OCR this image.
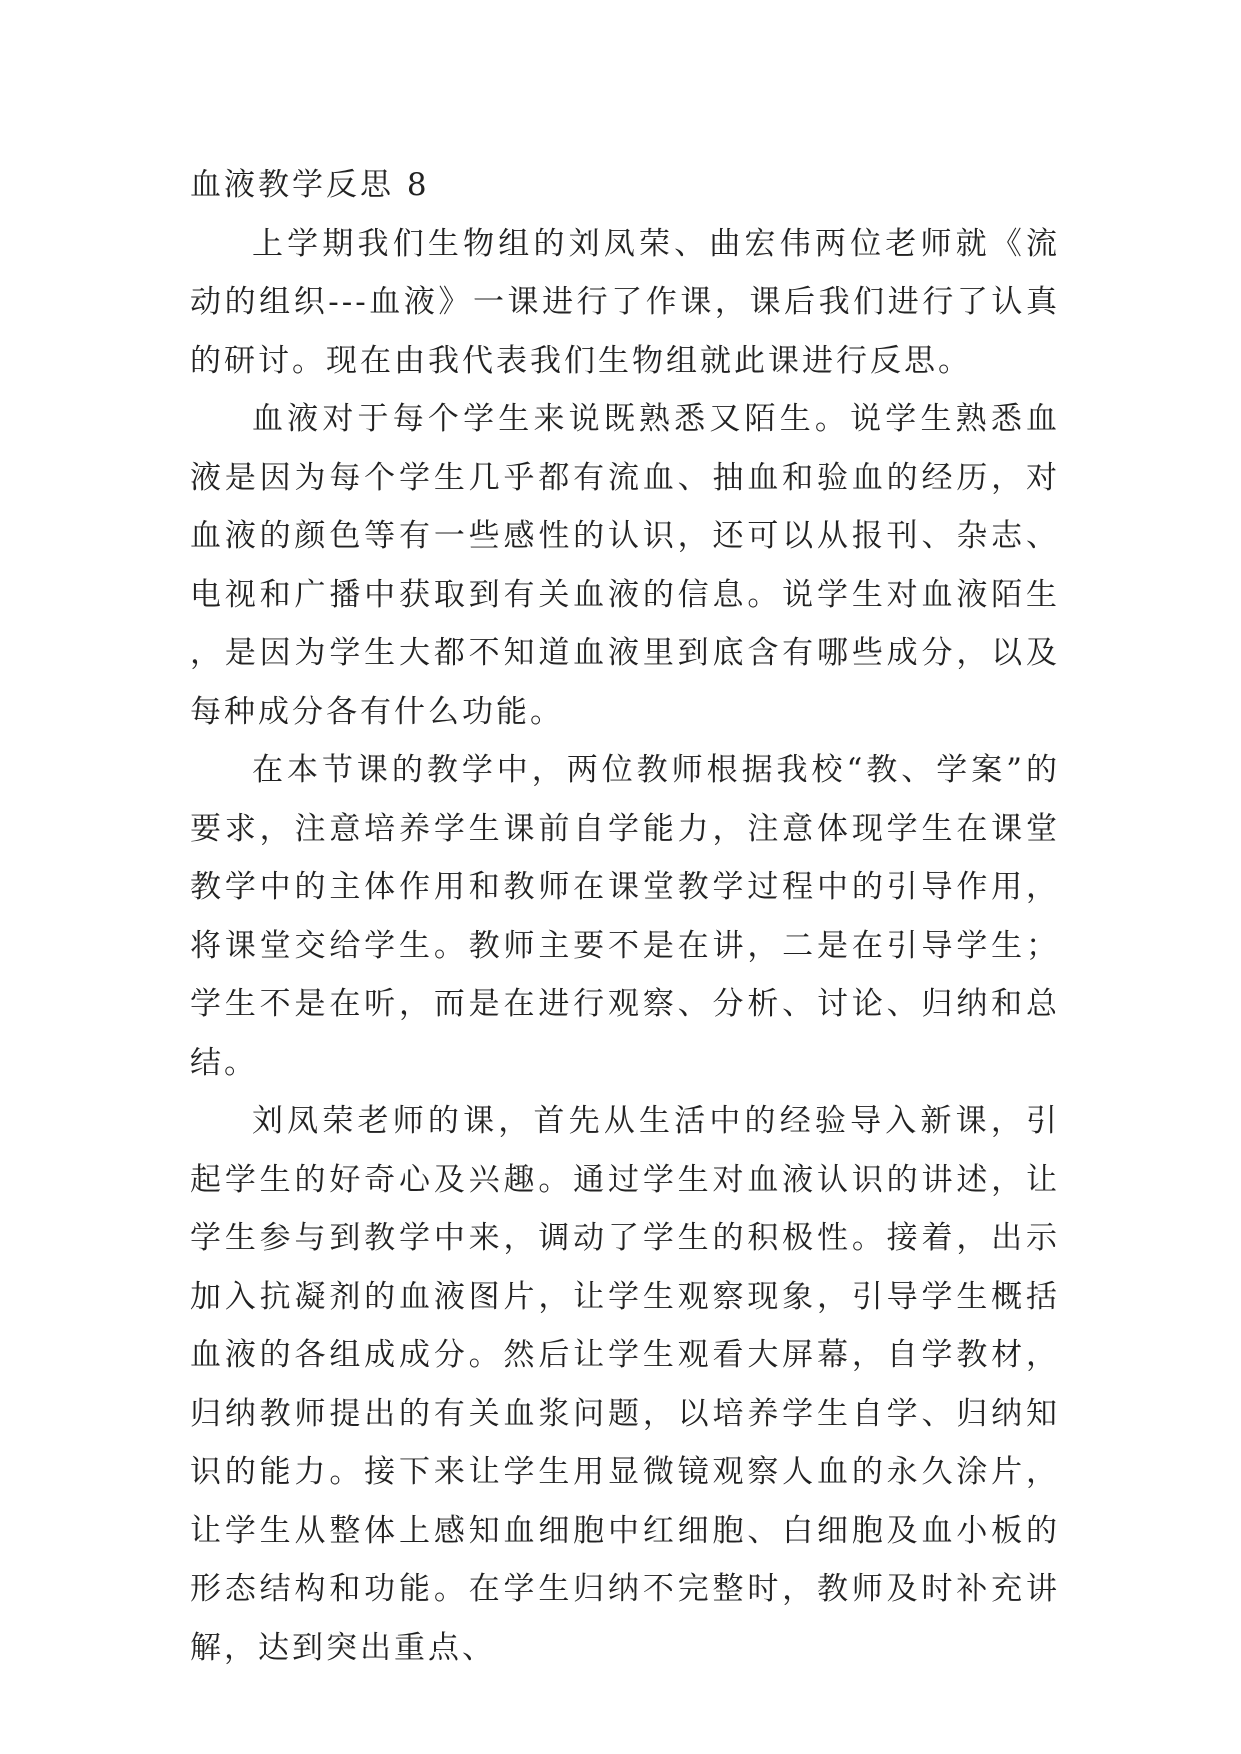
血液教学反思 8

上学期我们生物组的刘凤荣、曲宏伟两位老师就《流动的组织---血液》一课进行了作课，课后我们进行了认真的研讨。现在由我代表我们生物组就此课进行反思。

血液对于每个学生来说既熟悉又陌生。说学生熟悉血液是因为每个学生几乎都有流血、抽血和验血的经历，对血液的颜色等有一些感性的认识，还可以从报刊、杂志、电视和广播中获取到有关血液的信息。说学生对血液陌生，是因为学生大都不知道血液里到底含有哪些成分，以及每种成分各有什么功能。

在本节课的教学中，两位教师根据我校“教、学案”的要求，注意培养学生课前自学能力，注意体现学生在课堂教学中的主体作用和教师在课堂教学过程中的引导作用，将课堂交给学生。教师主要不是在讲，二是在引导学生；学生不是在听，而是在进行观察、分析、讨论、归纳和总结。

刘凤荣老师的课，首先从生活中的经验导入新课，引起学生的好奇心及兴趣。通过学生对血液认识的讲述，让学生参与到教学中来，调动了学生的积极性。接着，出示加入抗凝剂的血液图片，让学生观察现象，引导学生概括血液的各组成成分。然后让学生观看大屏幕，自学教材，归纳教师提出的有关血浆问题，以培养学生自学、归纳知识的能力。接下来让学生用显微镜观察人血的永久涂片，让学生从整体上感知血细胞中红细胞、白细胞及血小板的形态结构和功能。在学生归纳不完整时，教师及时补充讲解，达到突出重点、
